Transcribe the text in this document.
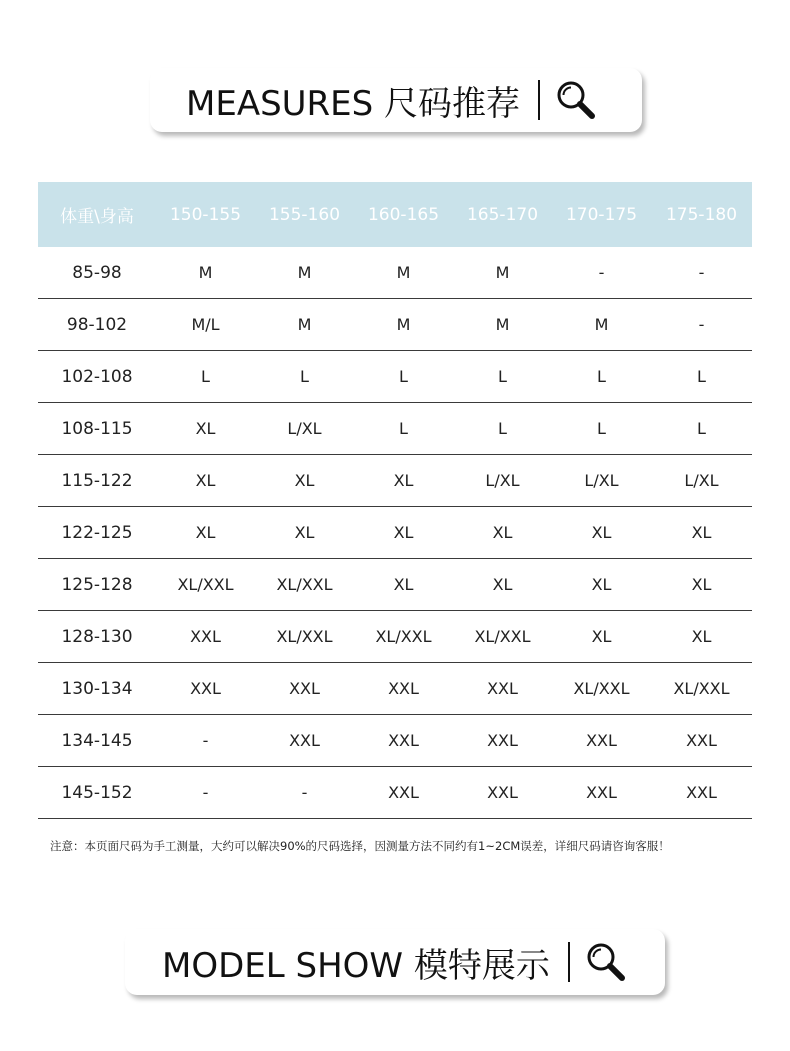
MEASURES 尺码推荐
体重\身高	150-155	155-160	160-165	165-170	170-175	175-180
85-98	M	M	M	M	-	-
98-102	M/L	M	M	M	M	-
102-108	L	L	L	L	L	L
108-115	XL	L/XL	L	L	L	L
115-122	XL	XL	XL	L/XL	L/XL	L/XL
122-125	XL	XL	XL	XL	XL	XL
125-128	XL/XXL	XL/XXL	XL	XL	XL	XL
128-130	XXL	XL/XXL	XL/XXL	XL/XXL	XL	XL
130-134	XXL	XXL	XXL	XXL	XL/XXL	XL/XXL
134-145	-	XXL	XXL	XXL	XXL	XXL
145-152	-	-	XXL	XXL	XXL	XXL
注意：本页面尺码为手工测量，大约可以解决90%的尺码选择，因测量方法不同约有1~2CM误差，详细尺码请咨询客服！
MODEL SHOW 模特展示
